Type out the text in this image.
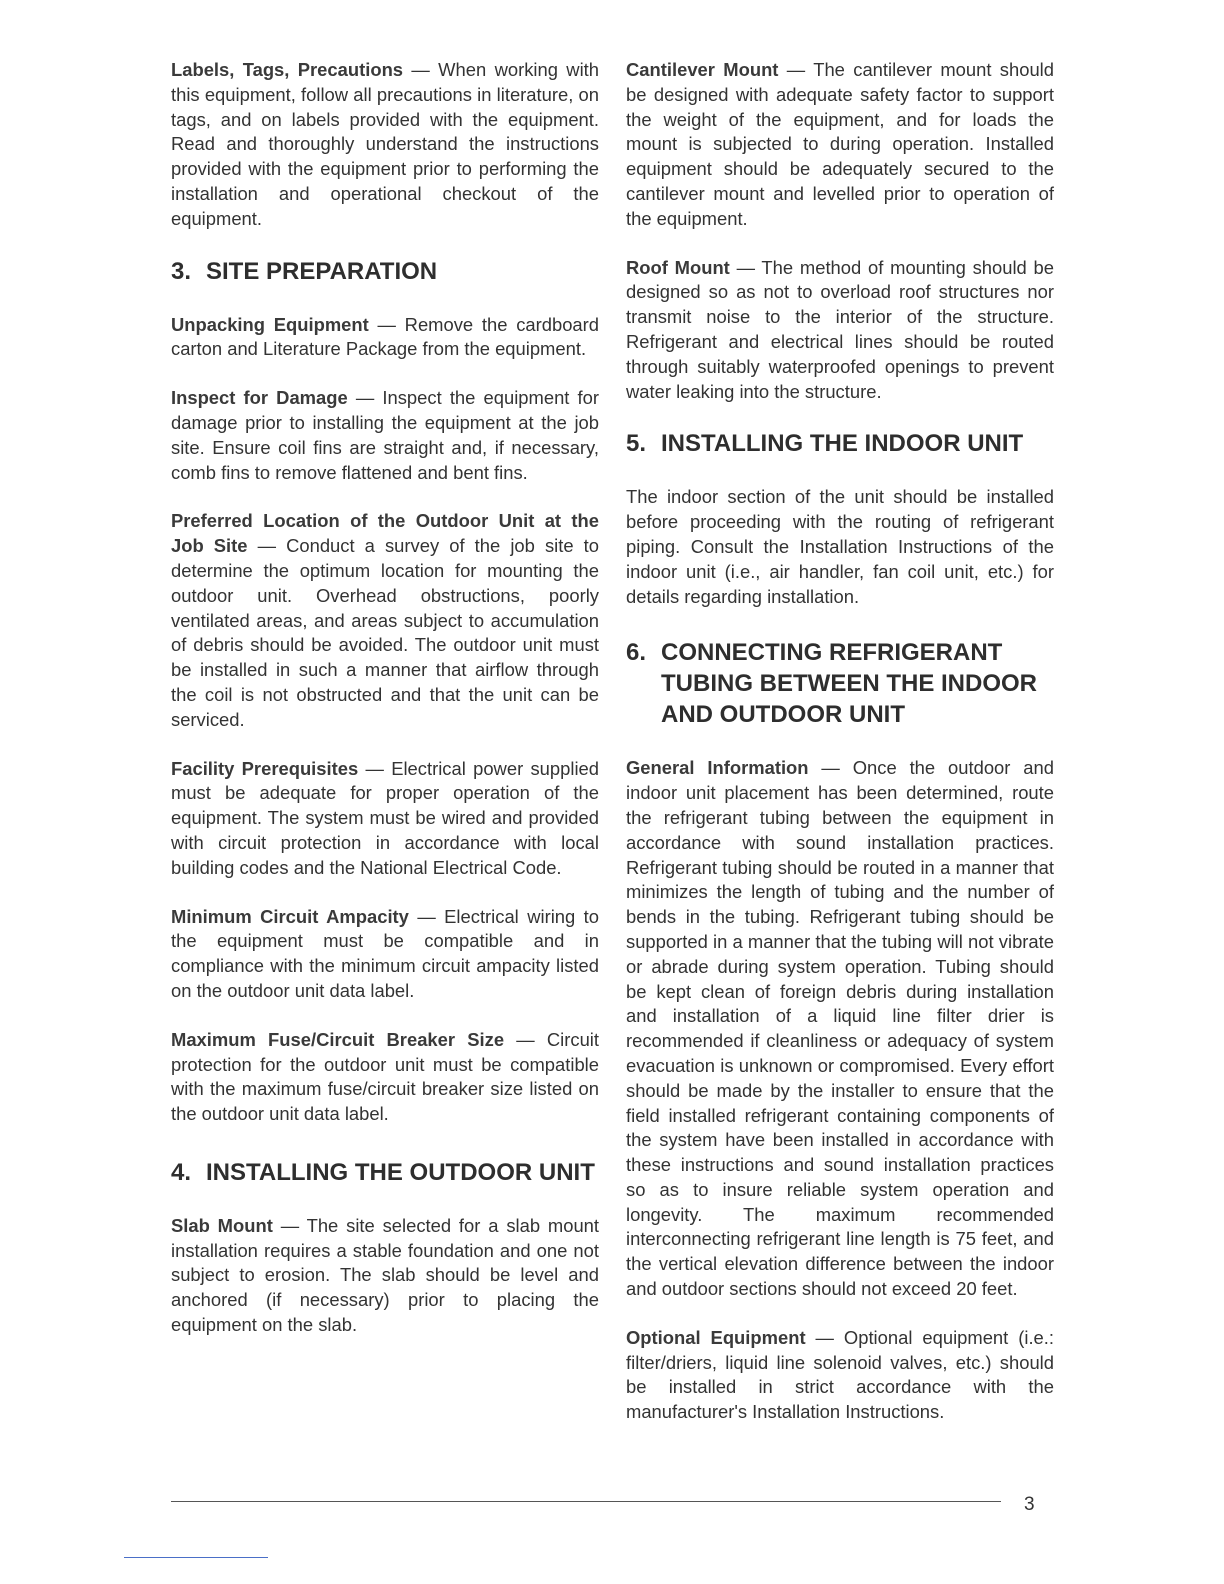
Labels, Tags, Precautions — When working with this equipment, follow all precautions in literature, on tags, and on labels provided with the equipment. Read and thoroughly understand the instructions provided with the equipment prior to performing the installation and operational checkout of the equipment.

3. SITE PREPARATION

Unpacking Equipment — Remove the cardboard carton and Literature Package from the equipment.

Inspect for Damage — Inspect the equipment for damage prior to installing the equipment at the job site. Ensure coil fins are straight and, if necessary, comb fins to remove flattened and bent fins.

Preferred Location of the Outdoor Unit at the Job Site — Conduct a survey of the job site to determine the optimum location for mounting the outdoor unit. Overhead obstructions, poorly ventilated areas, and areas subject to accumulation of debris should be avoided. The outdoor unit must be installed in such a manner that airflow through the coil is not obstructed and that the unit can be serviced.

Facility Prerequisites — Electrical power supplied must be adequate for proper operation of the equipment. The system must be wired and provided with circuit protection in accordance with local building codes and the National Electrical Code.

Minimum Circuit Ampacity — Electrical wiring to the equipment must be compatible and in compliance with the minimum circuit ampacity listed on the outdoor unit data label.

Maximum Fuse/Circuit Breaker Size — Circuit protection for the outdoor unit must be compatible with the maximum fuse/circuit breaker size listed on the outdoor unit data label.

4. INSTALLING THE OUTDOOR UNIT

Slab Mount — The site selected for a slab mount installation requires a stable foundation and one not subject to erosion. The slab should be level and anchored (if necessary) prior to placing the equipment on the slab.

Cantilever Mount — The cantilever mount should be designed with adequate safety factor to support the weight of the equipment, and for loads the mount is subjected to during operation. Installed equipment should be adequately secured to the cantilever mount and levelled prior to operation of the equipment.

Roof Mount — The method of mounting should be designed so as not to overload roof structures nor transmit noise to the interior of the structure. Refrigerant and electrical lines should be routed through suitably waterproofed openings to prevent water leaking into the structure.

5. INSTALLING THE INDOOR UNIT

The indoor section of the unit should be installed before proceeding with the routing of refrigerant piping. Consult the Installation Instructions of the indoor unit (i.e., air handler, fan coil unit, etc.) for details regarding installation.

6. CONNECTING REFRIGERANT TUBING BETWEEN THE INDOOR AND OUTDOOR UNIT

General Information — Once the outdoor and indoor unit placement has been determined, route the refrigerant tubing between the equipment in accordance with sound installation practices. Refrigerant tubing should be routed in a manner that minimizes the length of tubing and the number of bends in the tubing. Refrigerant tubing should be supported in a manner that the tubing will not vibrate or abrade during system operation. Tubing should be kept clean of foreign debris during installation and installation of a liquid line filter drier is recommended if cleanliness or adequacy of system evacuation is unknown or compromised. Every effort should be made by the installer to ensure that the field installed refrigerant containing components of the system have been installed in accordance with these instructions and sound installation practices so as to insure reliable system operation and longevity. The maximum recommended interconnecting refrigerant line length is 75 feet, and the vertical elevation difference between the indoor and outdoor sections should not exceed 20 feet.

Optional Equipment — Optional equipment (i.e.: filter/driers, liquid line solenoid valves, etc.) should be installed in strict accordance with the manufacturer's Installation Instructions.

3
